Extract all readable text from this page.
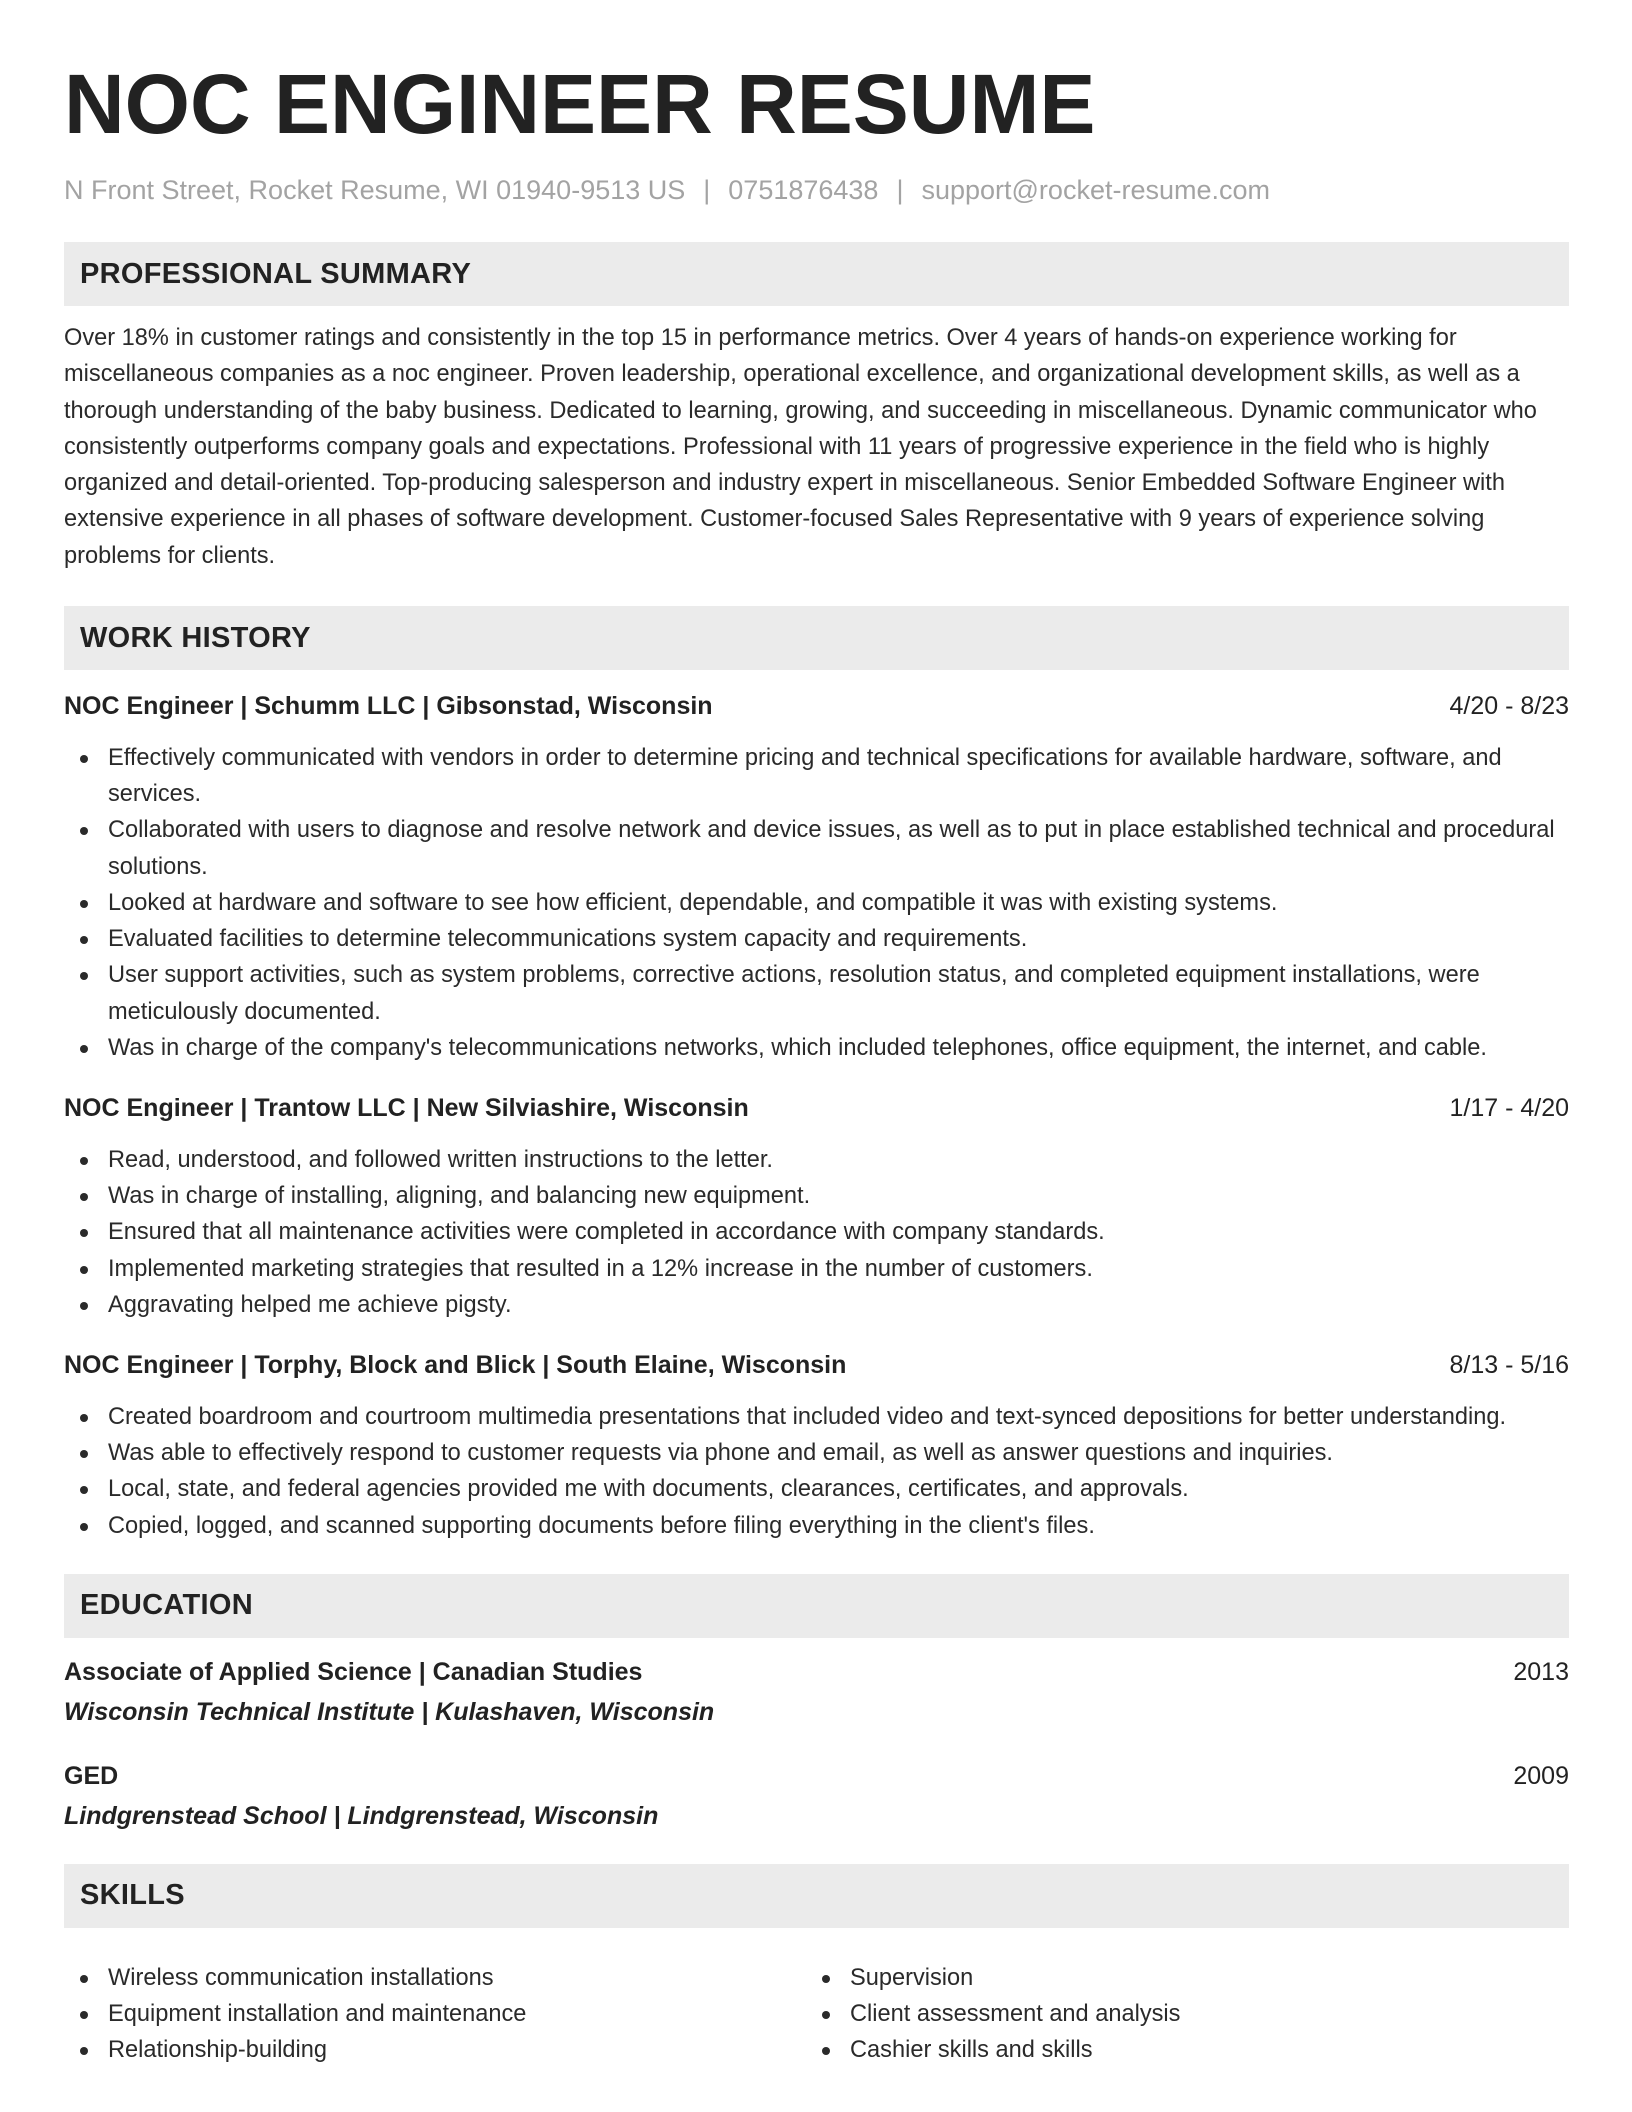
NOC ENGINEER RESUME
N Front Street, Rocket Resume, WI 01940-9513 US | 0751876438 | support@rocket-resume.com
PROFESSIONAL SUMMARY

Over 18% in customer ratings and consistently in the top 15 in performance metrics. Over 4 years of hands-on experience working for miscellaneous companies as a noc engineer. Proven leadership, operational excellence, and organizational development skills, as well as a thorough understanding of the baby business. Dedicated to learning, growing, and succeeding in miscellaneous. Dynamic communicator who consistently outperforms company goals and expectations. Professional with 11 years of progressive experience in the field who is highly organized and detail-oriented. Top-producing salesperson and industry expert in miscellaneous. Senior Embedded Software Engineer with extensive experience in all phases of software development. Customer-focused Sales Representative with 9 years of experience solving problems for clients.

WORK HISTORY
NOC Engineer | Schumm LLC | Gibsonstad, Wisconsin	4/20 - 8/23
Effectively communicated with vendors in order to determine pricing and technical specifications for available hardware, software, and services.
Collaborated with users to diagnose and resolve network and device issues, as well as to put in place established technical and procedural solutions.
Looked at hardware and software to see how efficient, dependable, and compatible it was with existing systems.
Evaluated facilities to determine telecommunications system capacity and requirements.
User support activities, such as system problems, corrective actions, resolution status, and completed equipment installations, were meticulously documented.
Was in charge of the company's telecommunications networks, which included telephones, office equipment, the internet, and cable.
NOC Engineer | Trantow LLC | New Silviashire, Wisconsin	1/17 - 4/20
Read, understood, and followed written instructions to the letter.
Was in charge of installing, aligning, and balancing new equipment.
Ensured that all maintenance activities were completed in accordance with company standards.
Implemented marketing strategies that resulted in a 12% increase in the number of customers.
Aggravating helped me achieve pigsty.
NOC Engineer | Torphy, Block and Blick | South Elaine, Wisconsin	8/13 - 5/16
Created boardroom and courtroom multimedia presentations that included video and text-synced depositions for better understanding.
Was able to effectively respond to customer requests via phone and email, as well as answer questions and inquiries.
Local, state, and federal agencies provided me with documents, clearances, certificates, and approvals.
Copied, logged, and scanned supporting documents before filing everything in the client's files.
EDUCATION
Associate of Applied Science | Canadian Studies	2013
Wisconsin Technical Institute | Kulashaven, Wisconsin
GED	2009
Lindgrenstead School | Lindgrenstead, Wisconsin
SKILLS
Wireless communication installations
Equipment installation and maintenance
Relationship-building
Supervision
Client assessment and analysis
Cashier skills and skills
